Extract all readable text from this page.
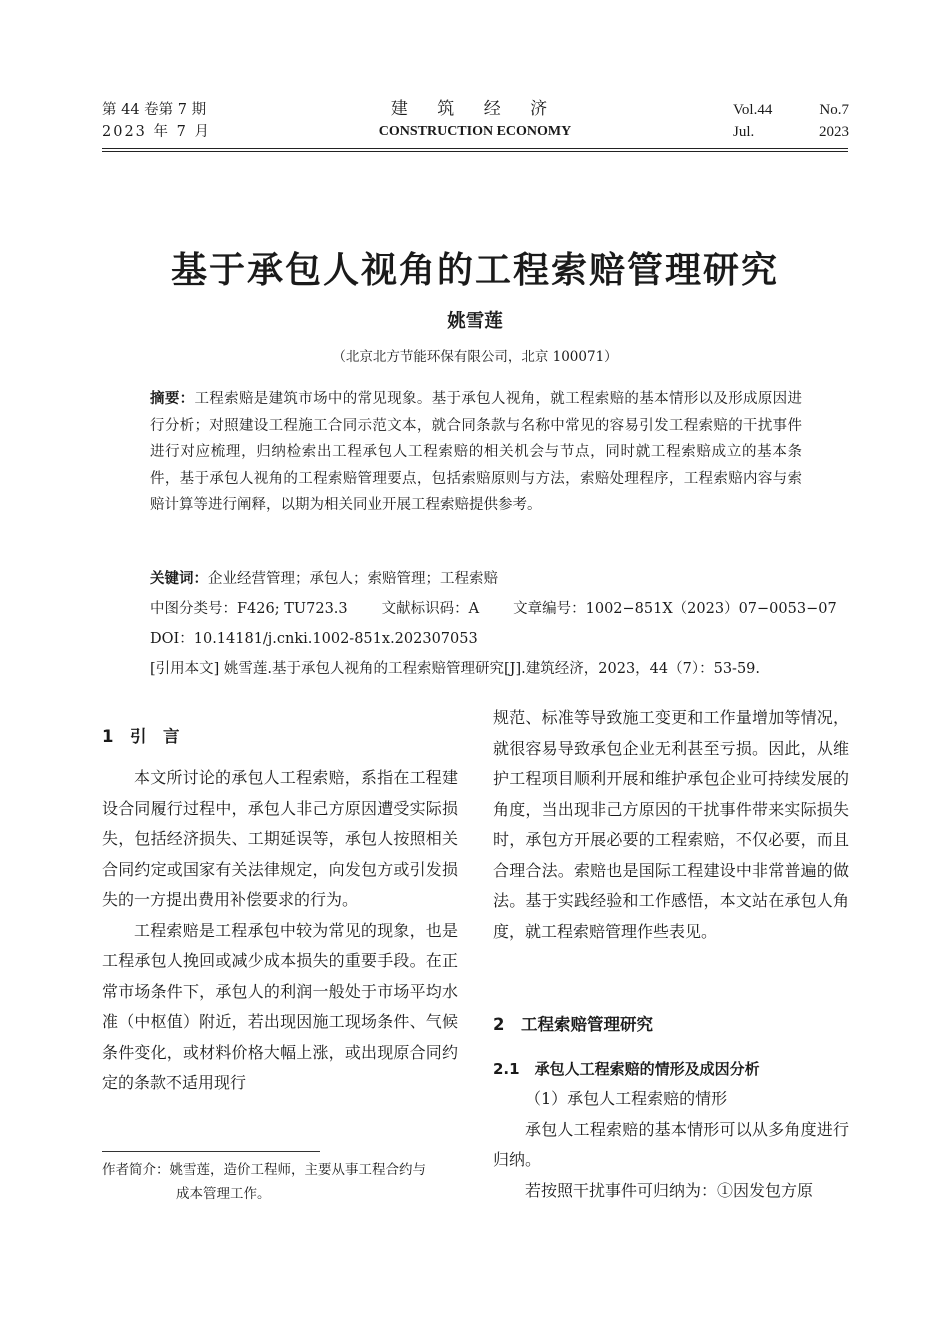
第 44 卷第 7 期
2023 年 7 月
建 筑 经 济
CONSTRUCTION ECONOMY
Vol.44	No.7
Jul.	2023
基于承包人视角的工程索赔管理研究
姚雪莲
（北京北方节能环保有限公司，北京 100071）
摘要：工程索赔是建筑市场中的常见现象。基于承包人视角，就工程索赔的基本情形以及形成原因进行分析；对照建设工程施工合同示范文本，就合同条款与名称中常见的容易引发工程索赔的干扰事件进行对应梳理，归纳检索出工程承包人工程索赔的相关机会与节点，同时就工程索赔成立的基本条件，基于承包人视角的工程索赔管理要点，包括索赔原则与方法，索赔处理程序，工程索赔内容与索赔计算等进行阐释，以期为相关同业开展工程索赔提供参考。
关键词：企业经营管理；承包人；索赔管理；工程索赔
中图分类号：F426; TU723.3 文献标识码：A 文章编号：1002−851X（2023）07−0053−07
DOI：10.14181/j.cnki.1002-851x.202307053
[引用本文] 姚雪莲.基于承包人视角的工程索赔管理研究[J].建筑经济，2023，44（7）：53-59.
1　引　言

本文所讨论的承包人工程索赔，系指在工程建设合同履行过程中，承包人非己方原因遭受实际损失，包括经济损失、工期延误等，承包人按照相关合同约定或国家有关法律规定，向发包方或引发损失的一方提出费用补偿要求的行为。

工程索赔是工程承包中较为常见的现象，也是工程承包人挽回或减少成本损失的重要手段。在正常市场条件下，承包人的利润一般处于市场平均水准（中枢值）附近，若出现因施工现场条件、气候条件变化，或材料价格大幅上涨，或出现原合同约定的条款不适用现行

规范、标准等导致施工变更和工作量增加等情况，就很容易导致承包企业无利甚至亏损。因此，从维护工程项目顺利开展和维护承包企业可持续发展的角度，当出现非己方原因的干扰事件带来实际损失时，承包方开展必要的工程索赔，不仅必要，而且合理合法。索赔也是国际工程建设中非常普遍的做法。基于实践经验和工作感悟，本文站在承包人角度，就工程索赔管理作些表见。

2　工程索赔管理研究
2.1　承包人工程索赔的情形及成因分析

（1）承包人工程索赔的情形

承包人工程索赔的基本情形可以从多角度进行归纳。

若按照干扰事件可归纳为：①因发包方原

作者简介：姚雪莲，造价工程师，主要从事工程合约与
成本管理工作。
